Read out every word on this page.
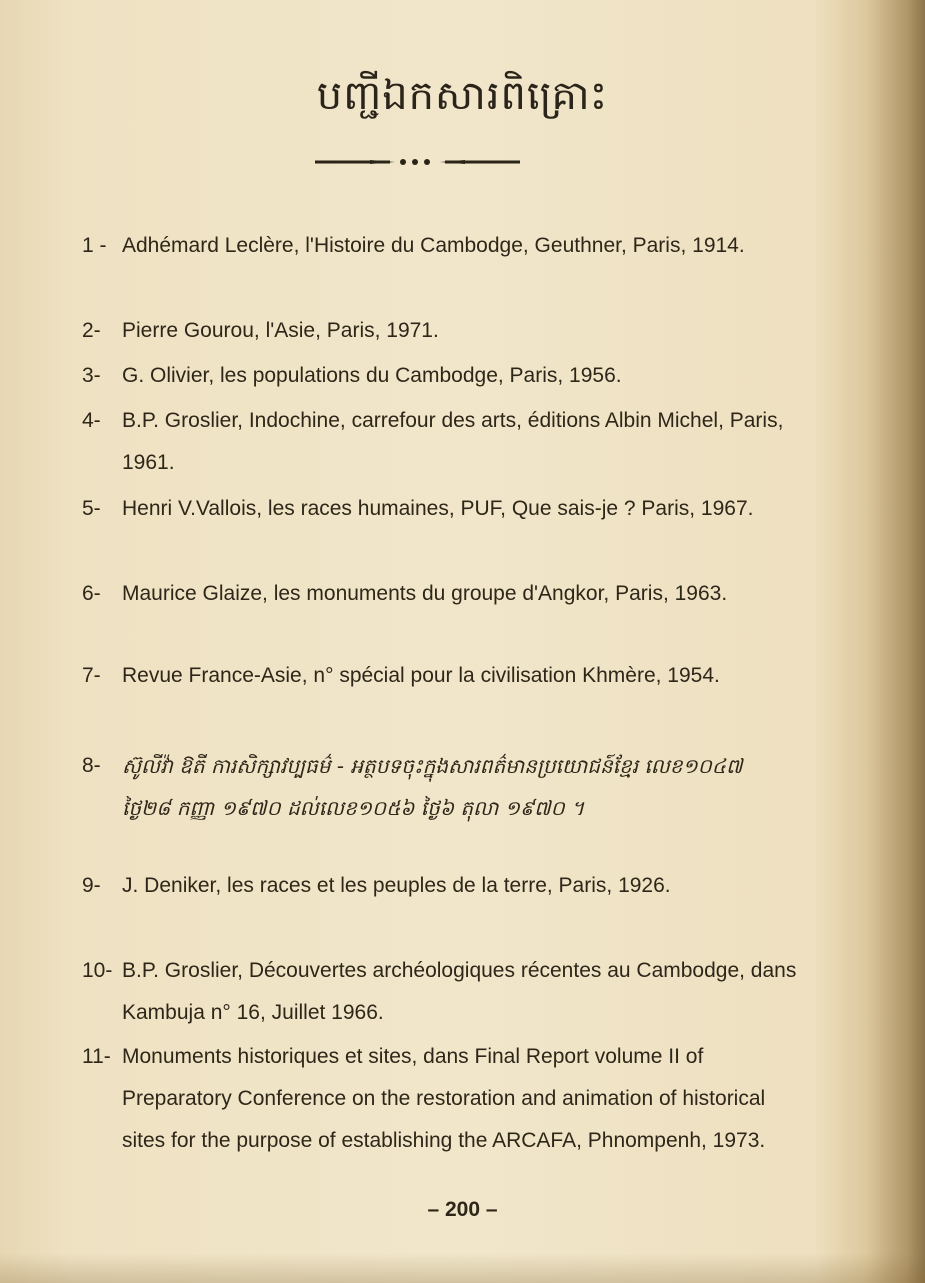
បញ្ជីឯកសារពិគ្រោះ
1 - Adhémard Leclère, l'Histoire du Cambodge, Geuthner, Paris, 1914.
2-	Pierre Gourou, l'Asie, Paris, 1971.
3-	G. Olivier, les populations du Cambodge, Paris, 1956.
4-	B.P. Groslier, Indochine, carrefour des arts, éditions Albin Michel, Paris, 1961.
5-	Henri V.Vallois, les races humaines, PUF, Que sais-je ? Paris, 1967.
6-	Maurice Glaize, les monuments du groupe d'Angkor, Paris, 1963.
7-	Revue France-Asie, n° spécial pour la civilisation Khmère, 1954.
8-	ស៊ូលីវ៉ា ឱតី ការសិក្សាវប្បធម៌ ‑ អត្ថបទចុះក្នុងសារពត៌មានប្រយោជន៍ខ្មែរ លេខ១០៤៧ ថ្ងៃ២៨ កញ្ញា ១៩៧០ ដល់លេខ១០៥៦ ថ្ងៃ៦ តុលា ១៩៧០ ។
9-	J. Deniker, les races et les peuples de la terre, Paris, 1926.
10- B.P. Groslier, Découvertes archéologiques récentes au Cambodge, dans Kambuja n° 16, Juillet 1966.
11- Monuments historiques et sites, dans Final Report volume II of Preparatory Conference on the restoration and animation of historical sites for the purpose of establishing the ARCAFA, Phnompenh, 1973.
– 200 –
